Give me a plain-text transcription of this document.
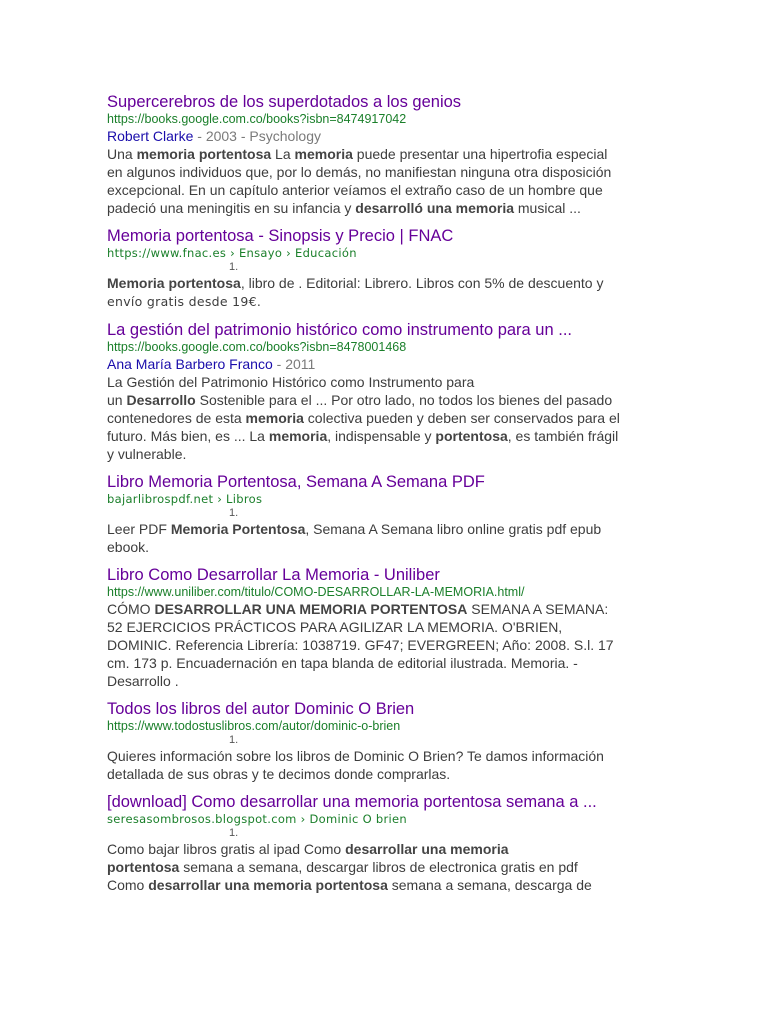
Supercerebros de los superdotados a los genios
https://books.google.com.co/books?isbn=8474917042
Robert Clarke - 2003 - Psychology
Una memoria portentosa La memoria puede presentar una hipertrofia especial
en algunos individuos que, por lo demás, no manifiestan ninguna otra disposición
excepcional. En un capítulo anterior veíamos el extraño caso de un hombre que
padeció una meningitis en su infancia y desarrolló una memoria musical ...
Memoria portentosa - Sinopsis y Precio | FNAC
https://www.fnac.es › Ensayo › Educación
1.
Memoria portentosa, libro de . Editorial: Librero. Libros con 5% de descuento y
envío gratis desde 19€.
La gestión del patrimonio histórico como instrumento para un ...
https://books.google.com.co/books?isbn=8478001468
Ana María Barbero Franco - 2011
La Gestión del Patrimonio Histórico como Instrumento para
un Desarrollo Sostenible para el ... Por otro lado, no todos los bienes del pasado
contenedores de esta memoria colectiva pueden y deben ser conservados para el
futuro. Más bien, es ... La memoria, indispensable y portentosa, es también frágil
y vulnerable.
Libro Memoria Portentosa, Semana A Semana PDF
bajarlibrospdf.net › Libros
1.
Leer PDF Memoria Portentosa, Semana A Semana libro online gratis pdf epub
ebook.
Libro Como Desarrollar La Memoria - Uniliber
https://www.uniliber.com/titulo/COMO-DESARROLLAR-LA-MEMORIA.html/
CÓMO DESARROLLAR UNA MEMORIA PORTENTOSA SEMANA A SEMANA:
52 EJERCICIOS PRÁCTICOS PARA AGILIZAR LA MEMORIA. O'BRIEN,
DOMINIC. Referencia Librería: 1038719. GF47; EVERGREEN; Año: 2008. S.l. 17
cm. 173 p. Encuadernación en tapa blanda de editorial ilustrada. Memoria. -
Desarrollo .
Todos los libros del autor Dominic O Brien
https://www.todostuslibros.com/autor/dominic-o-brien
1.
Quieres información sobre los libros de Dominic O Brien? Te damos información
detallada de sus obras y te decimos donde comprarlas.
[download] Como desarrollar una memoria portentosa semana a ...
seresasombrosos.blogspot.com › Dominic O brien
1.
Como bajar libros gratis al ipad Como desarrollar una memoria
portentosa semana a semana, descargar libros de electronica gratis en pdf
Como desarrollar una memoria portentosa semana a semana, descarga de
